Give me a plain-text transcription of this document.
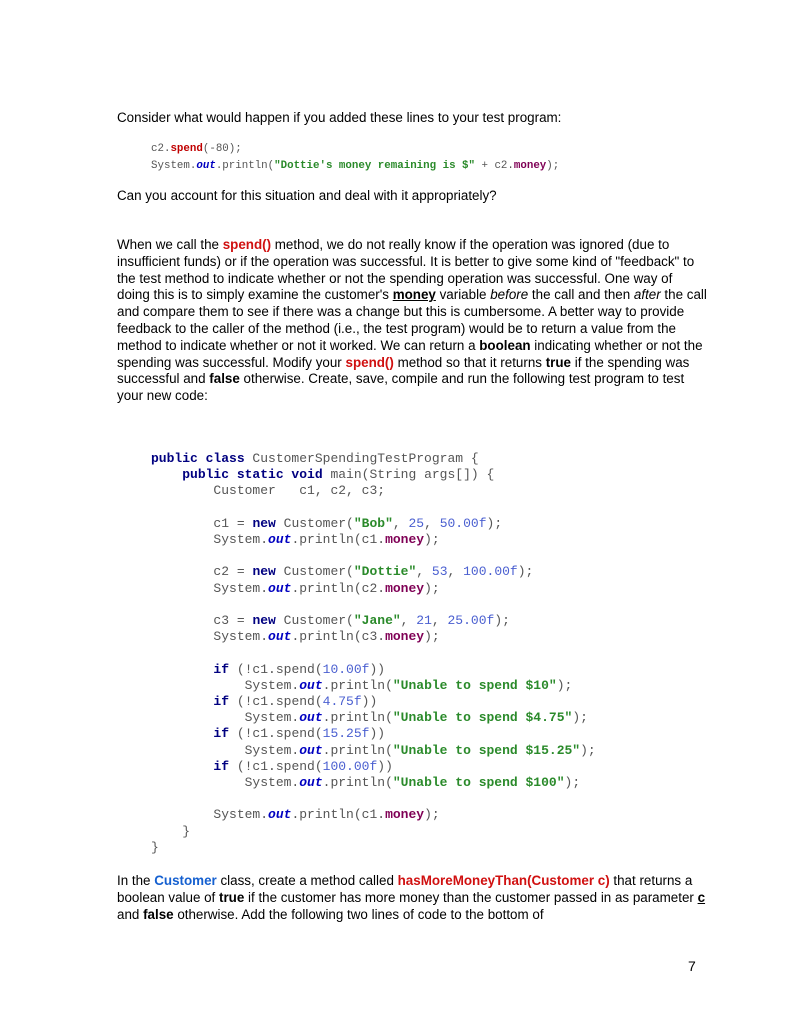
Consider what would happen if you added these lines to your test program:

c2.spend(-80);
System.out.println("Dottie's money remaining is $" + c2.money);

Can you account for this situation and deal with it appropriately?

When we call the spend() method, we do not really know if the operation was ignored (due to insufficient funds) or if the operation was successful. It is better to give some kind of "feedback" to the test method to indicate whether or not the spending operation was successful. One way of doing this is to simply examine the customer's money variable before the call and then after the call and compare them to see if there was a change but this is cumbersome. A better way to provide feedback to the caller of the method (i.e., the test program) would be to return a value from the method to indicate whether or not it worked. We can return a boolean indicating whether or not the spending was successful. Modify your spend() method so that it returns true if the spending was successful and false otherwise. Create, save, compile and run the following test program to test your new code:

public class CustomerSpendingTestProgram {
public static void main(String args[]) {
Customer   c1, c2, c3;

c1 = new Customer("Bob", 25, 50.00f);
System.out.println(c1.money);

c2 = new Customer("Dottie", 53, 100.00f);
System.out.println(c2.money);

c3 = new Customer("Jane", 21, 25.00f);
System.out.println(c3.money);

if (!c1.spend(10.00f))
System.out.println("Unable to spend $10");
if (!c1.spend(4.75f))
System.out.println("Unable to spend $4.75");
if (!c1.spend(15.25f))
System.out.println("Unable to spend $15.25");
if (!c1.spend(100.00f))
System.out.println("Unable to spend $100");

System.out.println(c1.money);
}
}

In the Customer class, create a method called hasMoreMoneyThan(Customer c) that returns a boolean value of true if the customer has more money than the customer passed in as parameter c and false otherwise. Add the following two lines of code to the bottom of

7
